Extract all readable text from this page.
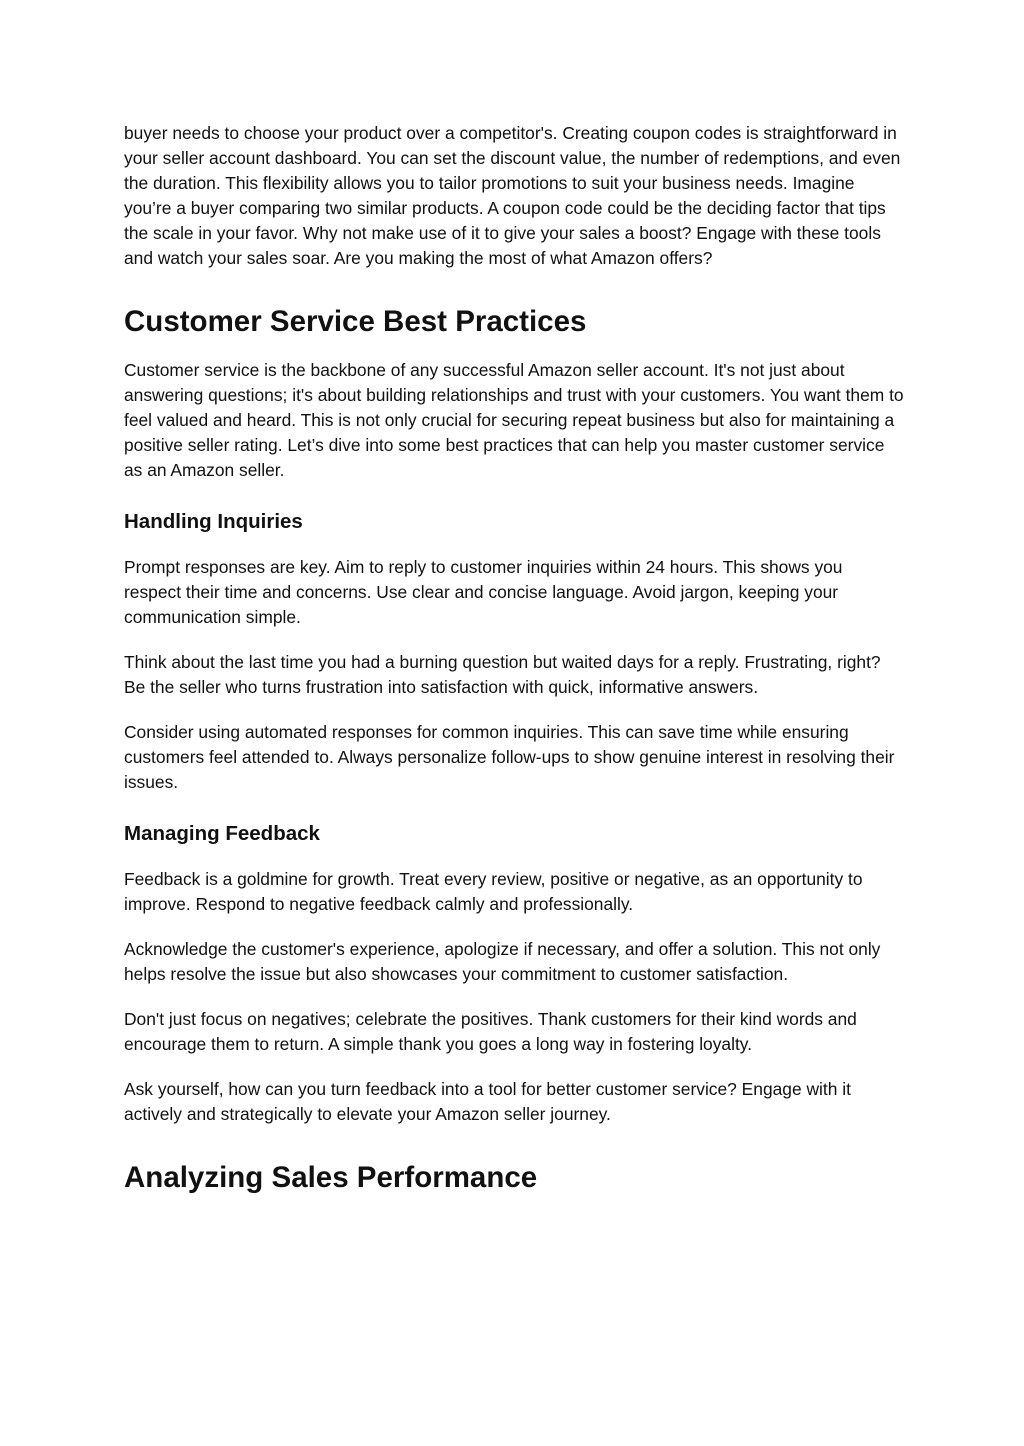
buyer needs to choose your product over a competitor's. Creating coupon codes is straightforward in your seller account dashboard. You can set the discount value, the number of redemptions, and even the duration. This flexibility allows you to tailor promotions to suit your business needs. Imagine you’re a buyer comparing two similar products. A coupon code could be the deciding factor that tips the scale in your favor. Why not make use of it to give your sales a boost? Engage with these tools and watch your sales soar. Are you making the most of what Amazon offers?

Customer Service Best Practices

Customer service is the backbone of any successful Amazon seller account. It's not just about answering questions; it's about building relationships and trust with your customers. You want them to feel valued and heard. This is not only crucial for securing repeat business but also for maintaining a positive seller rating. Let’s dive into some best practices that can help you master customer service as an Amazon seller.

Handling Inquiries

Prompt responses are key. Aim to reply to customer inquiries within 24 hours. This shows you respect their time and concerns. Use clear and concise language. Avoid jargon, keeping your communication simple.

Think about the last time you had a burning question but waited days for a reply. Frustrating, right? Be the seller who turns frustration into satisfaction with quick, informative answers.

Consider using automated responses for common inquiries. This can save time while ensuring customers feel attended to. Always personalize follow-ups to show genuine interest in resolving their issues.

Managing Feedback

Feedback is a goldmine for growth. Treat every review, positive or negative, as an opportunity to improve. Respond to negative feedback calmly and professionally.

Acknowledge the customer's experience, apologize if necessary, and offer a solution. This not only helps resolve the issue but also showcases your commitment to customer satisfaction.

Don't just focus on negatives; celebrate the positives. Thank customers for their kind words and encourage them to return. A simple thank you goes a long way in fostering loyalty.

Ask yourself, how can you turn feedback into a tool for better customer service? Engage with it actively and strategically to elevate your Amazon seller journey.

Analyzing Sales Performance
